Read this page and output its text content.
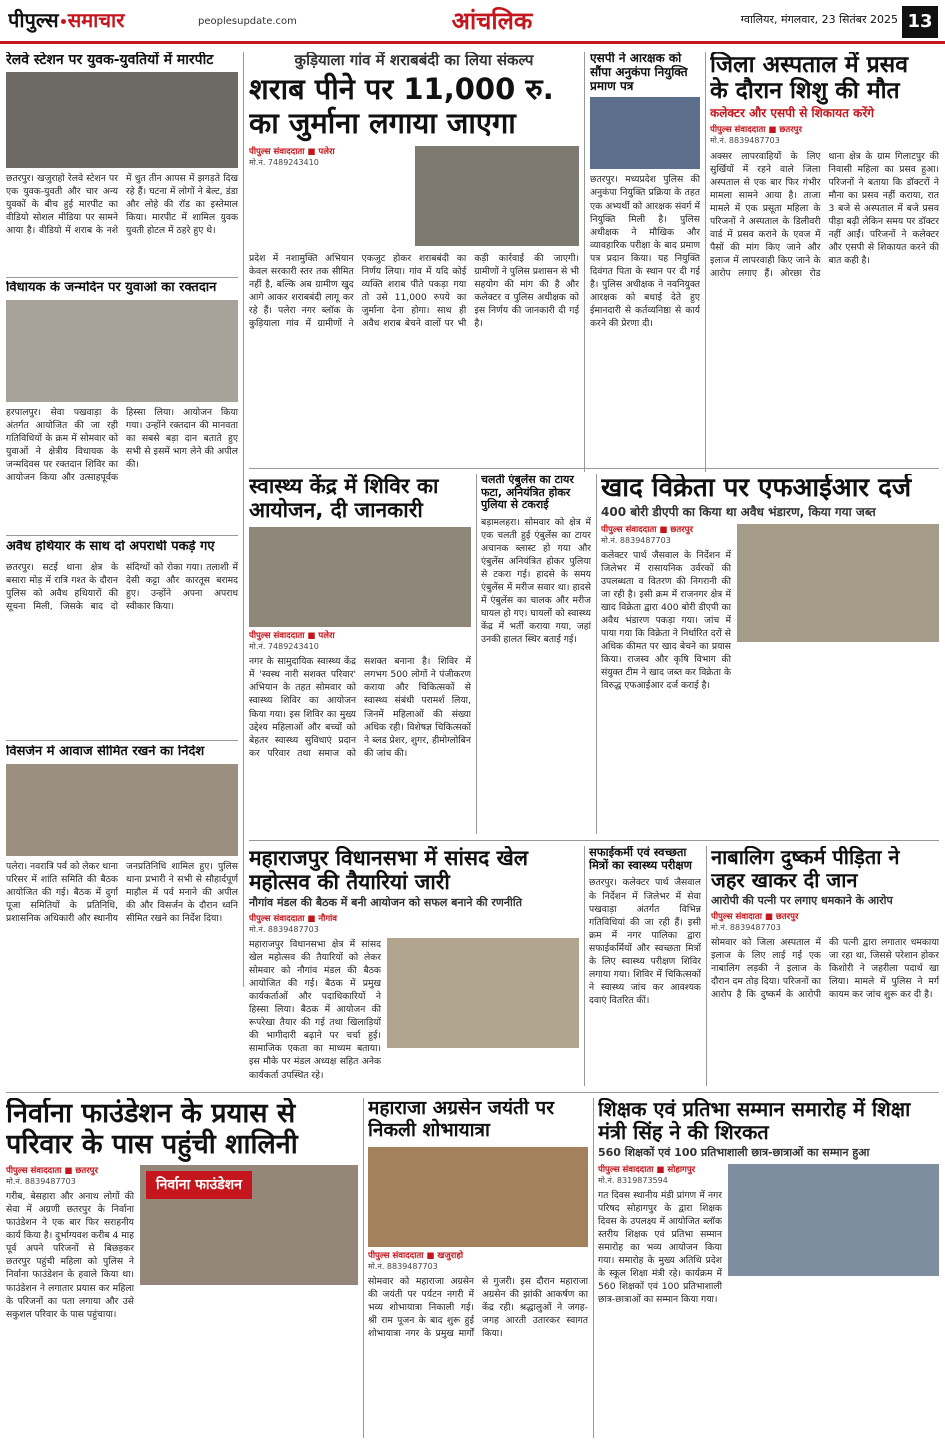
पीपुल्स समाचार	peoplesupdate.com	आंचलिक	ग्वालियर, मंगलवार, 23 सितंबर 2025 13
रेलवे स्टेशन पर युवक-युवतियों में मारपीट
छतरपुर। खजुराहो रेलवे स्टेशन पर एक युवक-युवती और चार अन्य युवकों के बीच हुई मारपीट का वीडियो सोशल मीडिया पर सामने आया है। वीडियो में शराब के नशे में धुत तीन आपस में झगड़ते दिख रहे हैं। घटना में लोगों ने बेल्ट, डंडा और लोहे की रॉड का इस्तेमाल किया। मारपीट में शामिल युवक युवती होटल में ठहरे हुए थे।
विधायक के जन्मदिन पर युवाओं का रक्तदान
हरपालपुर। सेवा पखवाड़ा के अंतर्गत आयोजित की जा रही गतिविधियों के क्रम में सोमवार को युवाओं ने क्षेत्रीय विधायक के जन्मदिवस पर रक्तदान शिविर का आयोजन किया और उत्साहपूर्वक हिस्सा लिया। आयोजन किया गया। उन्होंने रक्तदान की मानवता का सबसे बड़ा दान बताते हुए सभी से इसमें भाग लेने की अपील की।
अवैध हथियार के साथ दो अपराधी पकड़े गए
छतरपुर। सटई थाना क्षेत्र के बसारा मोड़ में रात्रि गश्त के दौरान पुलिस को अवैध हथियारों की सूचना मिली, जिसके बाद दो संदिग्धों को रोका गया। तलाशी में देसी कट्टा और कारतूस बरामद हुए। उन्होंने अपना अपराध स्वीकार किया।
विसर्जन में आवाज सीमित रखने का निर्देश
पलेरा। नवरात्रि पर्व को लेकर थाना परिसर में शांति समिति की बैठक आयोजित की गई। बैठक में दुर्गा पूजा समितियों के प्रतिनिधि, प्रशासनिक अधिकारी और स्थानीय जनप्रतिनिधि शामिल हुए। पुलिस थाना प्रभारी ने सभी से सौहार्दपूर्ण माहौल में पर्व मनाने की अपील की और विसर्जन के दौरान ध्वनि सीमित रखने का निर्देश दिया।
कुड़ियाला गांव में शराबबंदी का लिया संकल्प
शराब पीने पर 11,000 रु.
का जुर्माना लगाया जाएगा
पीपुल्स संवाददाता ■ पलेरा
मो.नं. 7489243410
प्रदेश में नशामुक्ति अभियान केवल सरकारी स्तर तक सीमित नहीं है, बल्कि अब ग्रामीण खुद आगे आकर शराबबंदी लागू कर रहे हैं। पलेरा नगर ब्लॉक के कुड़ियाला गांव में ग्रामीणों ने एकजुट होकर शराबबंदी का निर्णय लिया। गांव में यदि कोई व्यक्ति शराब पीते पकड़ा गया तो उसे 11,000 रुपये का जुर्माना देना होगा। साथ ही अवैध शराब बेचने वालों पर भी कड़ी कार्रवाई की जाएगी। ग्रामीणों ने पुलिस प्रशासन से भी सहयोग की मांग की है और कलेक्टर व पुलिस अधीक्षक को इस निर्णय की जानकारी दी गई है।
एसपी ने आरक्षक को सौंपा अनुकंपा नियुक्ति प्रमाण पत्र
छतरपुर। मध्यप्रदेश पुलिस की अनुकंपा नियुक्ति प्रक्रिया के तहत एक अभ्यर्थी को आरक्षक संवर्ग में नियुक्ति मिली है। पुलिस अधीक्षक ने मौखिक और व्यावहारिक परीक्षा के बाद प्रमाण पत्र प्रदान किया। यह नियुक्ति दिवंगत पिता के स्थान पर दी गई है। पुलिस अधीक्षक ने नवनियुक्त आरक्षक को बधाई देते हुए ईमानदारी से कर्तव्यनिष्ठा से कार्य करने की प्रेरणा दी।
जिला अस्पताल में प्रसव
के दौरान शिशु की मौत
कलेक्टर और एसपी से शिकायत करेंगे
पीपुल्स संवाददाता ■ छतरपुर
मो.नं. 8839487703
अक्सर लापरवाहियों के लिए सुर्खियों में रहने वाले जिला अस्पताल से एक बार फिर गंभीर मामला सामने आया है। ताजा मामले में एक प्रसूता महिला के परिजनों ने अस्पताल के डिलीवरी वार्ड में प्रसव कराने के एवज में पैसों की मांग किए जाने और इलाज में लापरवाही किए जाने के आरोप लगाए हैं। ओरछा रोड थाना क्षेत्र के ग्राम गिलाटपुर की निवासी महिला का प्रसव हुआ। परिजनों ने बताया कि डॉक्टरों ने मौना का प्रसव नहीं कराया, रात 3 बजे से अस्पताल में बजे प्रसव पीड़ा बढ़ी लेकिन समय पर डॉक्टर नहीं आईं। परिजनों ने कलेक्टर और एसपी से शिकायत करने की बात कही है।
स्वास्थ्य केंद्र में शिविर का आयोजन, दी जानकारी
पीपुल्स संवाददाता ■ पलेरा
मो.नं. 7489243410
नगर के सामुदायिक स्वास्थ्य केंद्र में 'स्वस्थ नारी सशक्त परिवार' अभियान के तहत सोमवार को स्वास्थ्य शिविर का आयोजन किया गया। इस शिविर का मुख्य उद्देश्य महिलाओं और बच्चों को बेहतर स्वास्थ्य सुविधाएं प्रदान कर परिवार तथा समाज को सशक्त बनाना है। शिविर में लगभग 500 लोगों ने पंजीकरण कराया और चिकित्सकों से स्वास्थ्य संबंधी परामर्श लिया, जिनमें महिलाओं की संख्या अधिक रही। विशेषज्ञ चिकित्सकों ने ब्लड प्रेशर, शुगर, हीमोग्लोबिन की जांच की।
चलती एंबुलेंस का टायर फटा, अनियंत्रित होकर पुलिया से टकराई
बड़ामलहरा। सोमवार को क्षेत्र में एक चलती हुई एंबुलेंस का टायर अचानक ब्लास्ट हो गया और एंबुलेंस अनियंत्रित होकर पुलिया से टकरा गई। हादसे के समय एंबुलेंस में मरीज सवार था। हादसे में एंबुलेंस का चालक और मरीज घायल हो गए। घायलों को स्वास्थ्य केंद्र में भर्ती कराया गया, जहां उनकी हालत स्थिर बताई गई।
खाद विक्रेता पर एफआईआर दर्ज
400 बोरी डीएपी का किया था अवैध भंडारण, किया गया जब्त
पीपुल्स संवाददाता ■ छतरपुर
मो.नं. 8839487703
कलेक्टर पार्थ जैसवाल के निर्देशन में जिलेभर में रासायनिक उर्वरकों की उपलब्धता व वितरण की निगरानी की जा रही है। इसी क्रम में राजनगर क्षेत्र में खाद विक्रेता द्वारा 400 बोरी डीएपी का अवैध भंडारण पकड़ा गया। जांच में पाया गया कि विक्रेता ने निर्धारित दरों से अधिक कीमत पर खाद बेचने का प्रयास किया। राजस्व और कृषि विभाग की संयुक्त टीम ने खाद जब्त कर विक्रेता के विरुद्ध एफआईआर दर्ज कराई है।
महाराजपुर विधानसभा में सांसद खेल महोत्सव की तैयारियां जारी
नौगांव मंडल की बैठक में बनी आयोजन को सफल बनाने की रणनीति
पीपुल्स संवाददाता ■ नौगांव
मो.नं. 8839487703
महाराजपुर विधानसभा क्षेत्र में सांसद खेल महोत्सव की तैयारियों को लेकर सोमवार को नौगांव मंडल की बैठक आयोजित की गई। बैठक में प्रमुख कार्यकर्ताओं और पदाधिकारियों ने हिस्सा लिया। बैठक में आयोजन की रूपरेखा तैयार की गई तथा खिलाड़ियों की भागीदारी बढ़ाने पर चर्चा हुई। सामाजिक एकता का माध्यम बताया। इस मौके पर मंडल अध्यक्ष सहित अनेक कार्यकर्ता उपस्थित रहे।
सफाईकर्मी एवं स्वच्छता मित्रों का स्वास्थ्य परीक्षण
छतरपुर। कलेक्टर पार्थ जैसवाल के निर्देशन में जिलेभर में सेवा पखवाड़ा अंतर्गत विभिन्न गतिविधियां की जा रही हैं। इसी क्रम में नगर पालिका द्वारा सफाईकर्मियों और स्वच्छता मित्रों के लिए स्वास्थ्य परीक्षण शिविर लगाया गया। शिविर में चिकित्सकों ने स्वास्थ्य जांच कर आवश्यक दवाएं वितरित कीं।
नाबालिग दुष्कर्म पीड़िता ने जहर खाकर दी जान
आरोपी की पत्नी पर लगाए धमकाने के आरोप
पीपुल्स संवादाता ■ छतरपुर
मो.नं. 8839487703
सोमवार को जिला अस्पताल में इलाज के लिए लाई गई एक नाबालिग लड़की ने इलाज के दौरान दम तोड़ दिया। परिजनों का आरोप है कि दुष्कर्म के आरोपी की पत्नी द्वारा लगातार धमकाया जा रहा था, जिससे परेशान होकर किशोरी ने जहरीला पदार्थ खा लिया। मामले में पुलिस ने मर्ग कायम कर जांच शुरू कर दी है।
निर्वाना फाउंडेशन के प्रयास से परिवार के पास पहुंची शालिनी
पीपुल्स संवाददाता ■ छतरपुर
मो.नं. 8839487703
गरीब, बेसहारा और अनाथ लोगों की सेवा में अग्रणी छतरपुर के निर्वाना फाउंडेशन ने एक बार फिर सराहनीय कार्य किया है। दुर्भाग्यवश करीब 4 माह पूर्व अपने परिजनों से बिछड़कर छतरपुर पहुंची महिला को पुलिस ने निर्वाना फाउंडेशन के हवाले किया था। फाउंडेशन ने लगातार प्रयास कर महिला के परिजनों का पता लगाया और उसे सकुशल परिवार के पास पहुंचाया।
निर्वाना फाउंडेशन
महाराजा अग्रसेन जयंती पर निकली शोभायात्रा
पीपुल्स संवाददाता ■ खजुराहो
मो.नं. 8839487703
सोमवार को महाराजा अग्रसेन की जयंती पर पर्यटन नगरी में भव्य शोभायात्रा निकाली गई। श्री राम पूजन के बाद शुरू हुई शोभायात्रा नगर के प्रमुख मार्गों से गुजरी। इस दौरान महाराजा अग्रसेन की झांकी आकर्षण का केंद्र रही। श्रद्धालुओं ने जगह-जगह आरती उतारकर स्वागत किया।
शिक्षक एवं प्रतिभा सम्मान समारोह में शिक्षा मंत्री सिंह ने की शिरकत
560 शिक्षकों एवं 100 प्रतिभाशाली छात्र-छात्राओं का सम्मान हुआ
पीपुल्स संवाददाता ■ सोहागपुर
मो.नं. 8319873594
गत दिवस स्थानीय मंडी प्रांगण में नगर परिषद सोहागपुर के द्वारा शिक्षक दिवस के उपलक्ष्य में आयोजित ब्लॉक स्तरीय शिक्षक एवं प्रतिभा सम्मान समारोह का भव्य आयोजन किया गया। समारोह के मुख्य अतिथि प्रदेश के स्कूल शिक्षा मंत्री रहे। कार्यक्रम में 560 शिक्षकों एवं 100 प्रतिभाशाली छात्र-छात्राओं का सम्मान किया गया।
